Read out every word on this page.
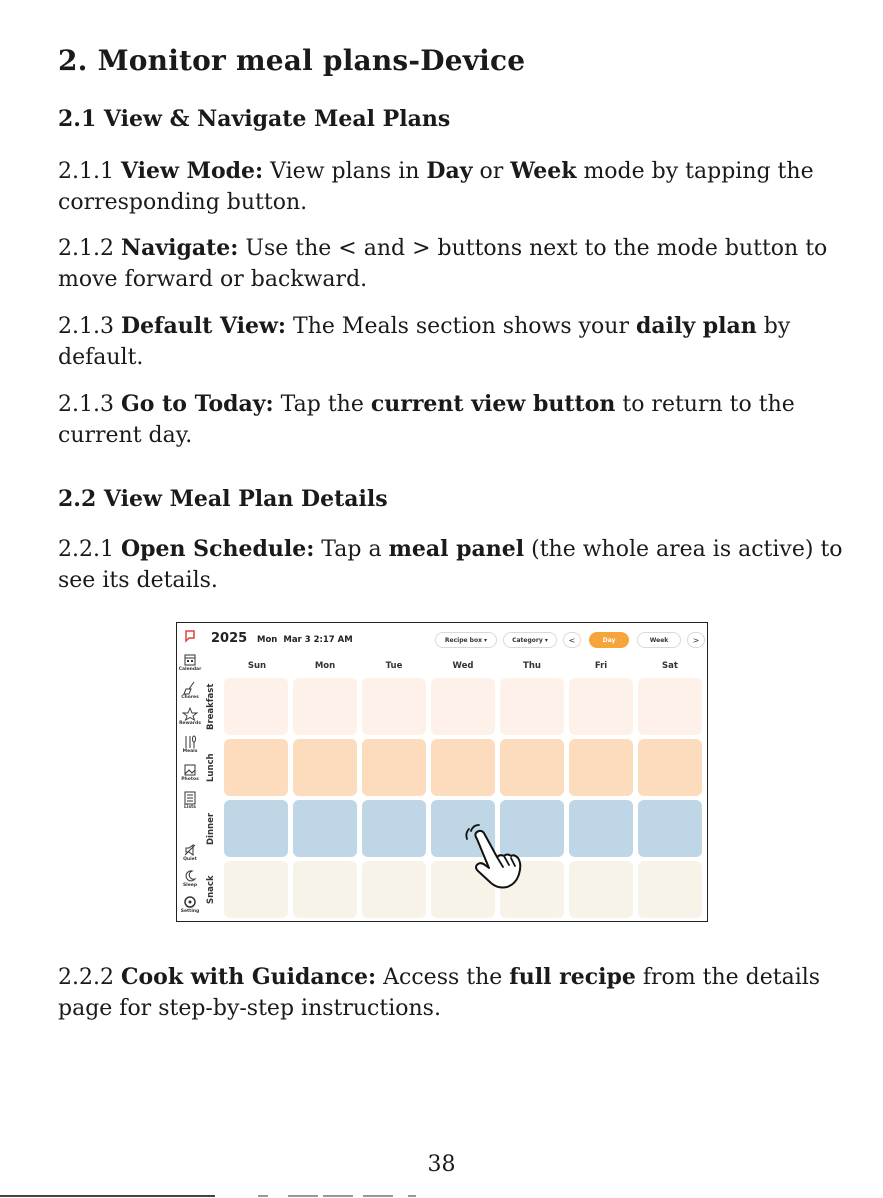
2. Monitor meal plans-Device
2.1 View & Navigate Meal Plans

2.1.1 View Mode: View plans in Day or Week mode by tapping the corresponding button.

2.1.2 Navigate: Use the < and > buttons next to the mode button to move forward or backward.

2.1.3 Default View: The Meals section shows your daily plan by default.

2.1.3 Go to Today: Tap the current view button to return to the current day.

2.2 View Meal Plan Details

2.2.1 Open Schedule: Tap a meal panel (the whole area is active) to see its details.

2.2.2 Cook with Guidance: Access the full recipe from the details page for step-by-step instructions.

Calendar
Chores
Rewards
Meals
Photos
Lists
Quiet
Sleep
Setting
2025 Mon Mar 3 2:17 AM	Recipe box ▾	Category ▾	<	Day	Week	>
Sun	Mon	Tue	Wed	Thu	Fri	Sat
Breakfast
Lunch
Dinner
Snack
38
